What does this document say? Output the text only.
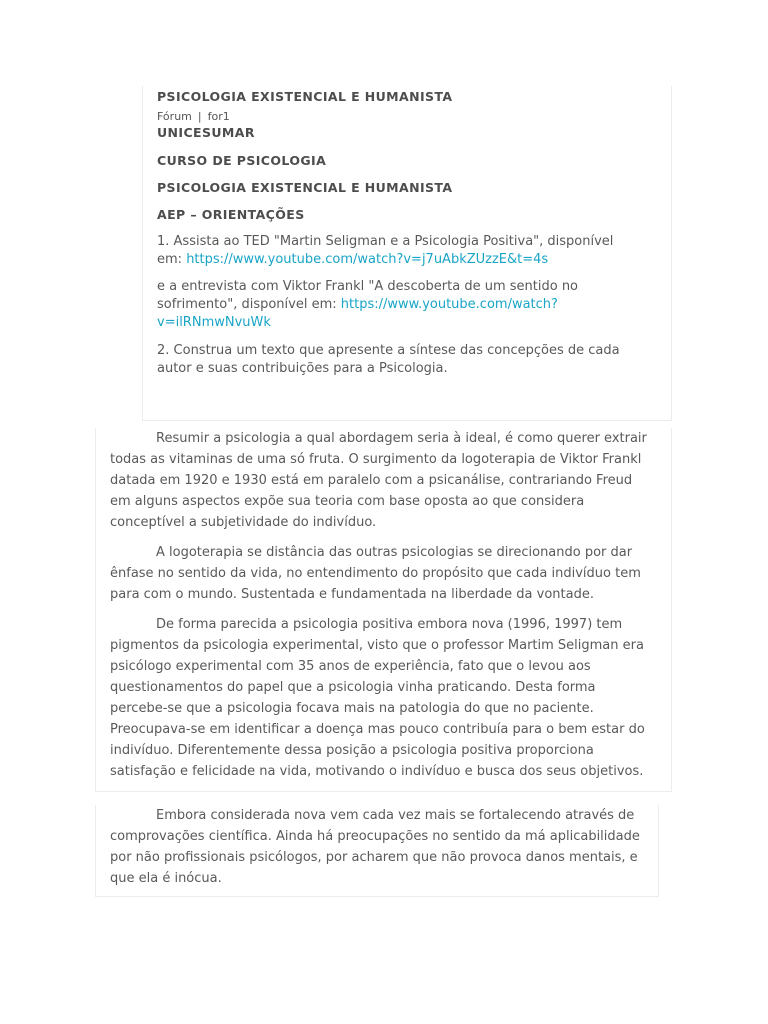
PSICOLOGIA EXISTENCIAL E HUMANISTA

Fórum | for1

UNICESUMAR

CURSO DE PSICOLOGIA

PSICOLOGIA EXISTENCIAL E HUMANISTA

AEP – ORIENTAÇÕES

1. Assista ao TED "Martin Seligman e a Psicologia Positiva", disponível em: https://www.youtube.com/watch?v=j7uAbkZUzzE&t=4s

e a entrevista com Viktor Frankl "A descoberta de um sentido no sofrimento", disponível em: https://www.youtube.com/watch?v=ilRNmwNvuWk

2. Construa um texto que apresente a síntese das concepções de cada autor e suas contribuições para a Psicologia.

Resumir a psicologia a qual abordagem seria à ideal, é como querer extrair todas as vitaminas de uma só fruta. O surgimento da logoterapia de Viktor Frankl datada em 1920 e 1930 está em paralelo com a psicanálise, contrariando Freud em alguns aspectos expõe sua teoria com base oposta ao que considera conceptível a subjetividade do indivíduo.

A logoterapia se distância das outras psicologias se direcionando por dar ênfase no sentido da vida, no entendimento do propósito que cada indivíduo tem para com o mundo. Sustentada e fundamentada na liberdade da vontade.

De forma parecida a psicologia positiva embora nova (1996, 1997) tem pigmentos da psicologia experimental, visto que o professor Martim Seligman era psicólogo experimental com 35 anos de experiência, fato que o levou aos questionamentos do papel que a psicologia vinha praticando. Desta forma percebe-se que a psicologia focava mais na patologia do que no paciente. Preocupava-se em identificar a doença mas pouco contribuía para o bem estar do indivíduo. Diferentemente dessa posição a psicologia positiva proporciona satisfação e felicidade na vida, motivando o indivíduo e busca dos seus objetivos.

Embora considerada nova vem cada vez mais se fortalecendo através de comprovações científica. Ainda há preocupações no sentido da má aplicabilidade por não profissionais psicólogos, por acharem que não provoca danos mentais, e que ela é inócua.
